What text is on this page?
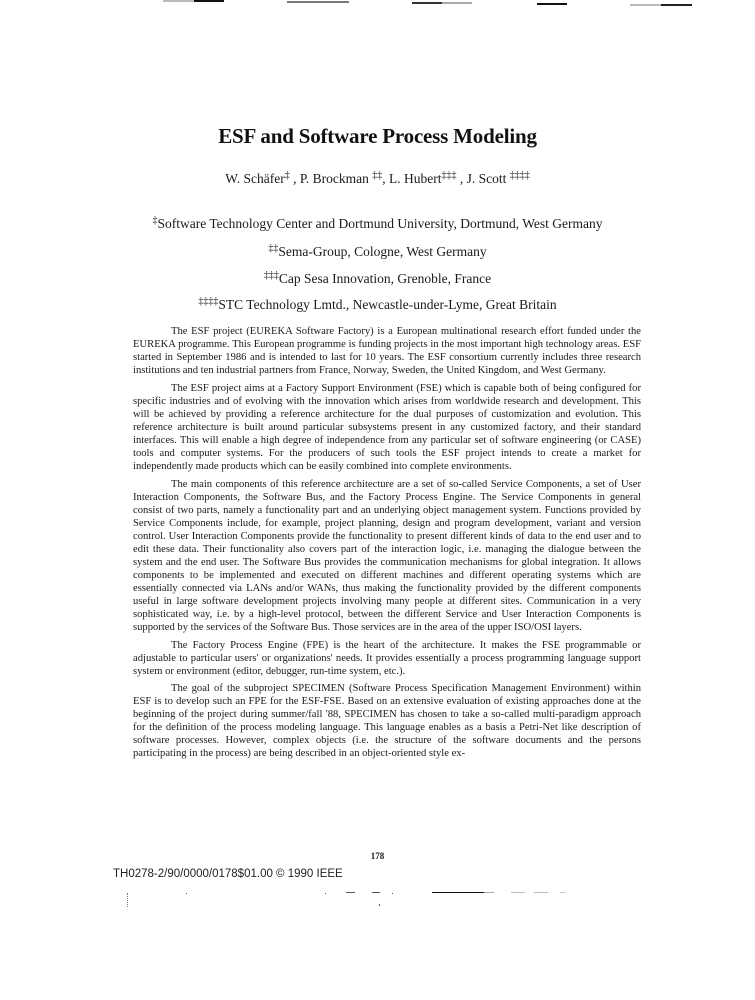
ESF and Software Process Modeling
W. Schäfer‡ , P. Brockman ‡‡, L. Hubert‡‡‡ , J. Scott ‡‡‡‡
‡Software Technology Center and Dortmund University, Dortmund, West Germany
‡‡Sema-Group, Cologne, West Germany
‡‡‡Cap Sesa Innovation, Grenoble, France
‡‡‡‡STC Technology Lmtd., Newcastle-under-Lyme, Great Britain

The ESF project (EUREKA Software Factory) is a European multinational research effort funded under the EUREKA programme. This European programme is funding projects in the most important high technology areas. ESF started in September 1986 and is intended to last for 10 years. The ESF consortium currently includes three research institutions and ten industrial partners from France, Norway, Sweden, the United Kingdom, and West Germany.

The ESF project aims at a Factory Support Environment (FSE) which is capable both of being configured for specific industries and of evolving with the innovation which arises from worldwide research and development. This will be achieved by providing a reference architecture for the dual purposes of customization and evolution. This reference architecture is built around particular subsystems present in any customized factory, and their standard interfaces. This will enable a high degree of independence from any particular set of software engineering (or CASE) tools and computer systems. For the producers of such tools the ESF project intends to create a market for independently made products which can be easily combined into complete environments.

The main components of this reference architecture are a set of so-called Service Components, a set of User Interaction Components, the Software Bus, and the Factory Process Engine. The Service Components in general consist of two parts, namely a functionality part and an underlying object management system. Functions provided by Service Components include, for example, project planning, design and program development, variant and version control. User Interaction Components provide the functionality to present different kinds of data to the end user and to edit these data. Their functionality also covers part of the interaction logic, i.e. managing the dialogue between the system and the end user. The Software Bus provides the communication mechanisms for global integration. It allows components to be implemented and executed on different machines and different operating systems which are essentially connected via LANs and/or WANs, thus making the functionality provided by the different components useful in large software development projects involving many people at different sites. Communication in a very sophisticated way, i.e. by a high-level protocol, between the different Service and User Interaction Components is supported by the services of the Software Bus. Those services are in the area of the upper ISO/OSI layers.

The Factory Process Engine (FPE) is the heart of the architecture. It makes the FSE programmable or adjustable to particular users' or organizations' needs. It provides essentially a process programming language support system or environment (editor, debugger, run-time system, etc.).

The goal of the subproject SPECIMEN (Software Process Specification Management Environment) within ESF is to develop such an FPE for the ESF-FSE. Based on an extensive evaluation of existing approaches done at the beginning of the project during summer/fall '88, SPECIMEN has chosen to take a so-called multi-paradigm approach for the definition of the process modeling language. This language enables as a basis a Petri-Net like description of software processes. However, complex objects (i.e. the structure of the software documents and the persons participating in the process) are being described in an object-oriented style ex-

178
TH0278-2/90/0000/0178$01.00 © 1990 IEEE
